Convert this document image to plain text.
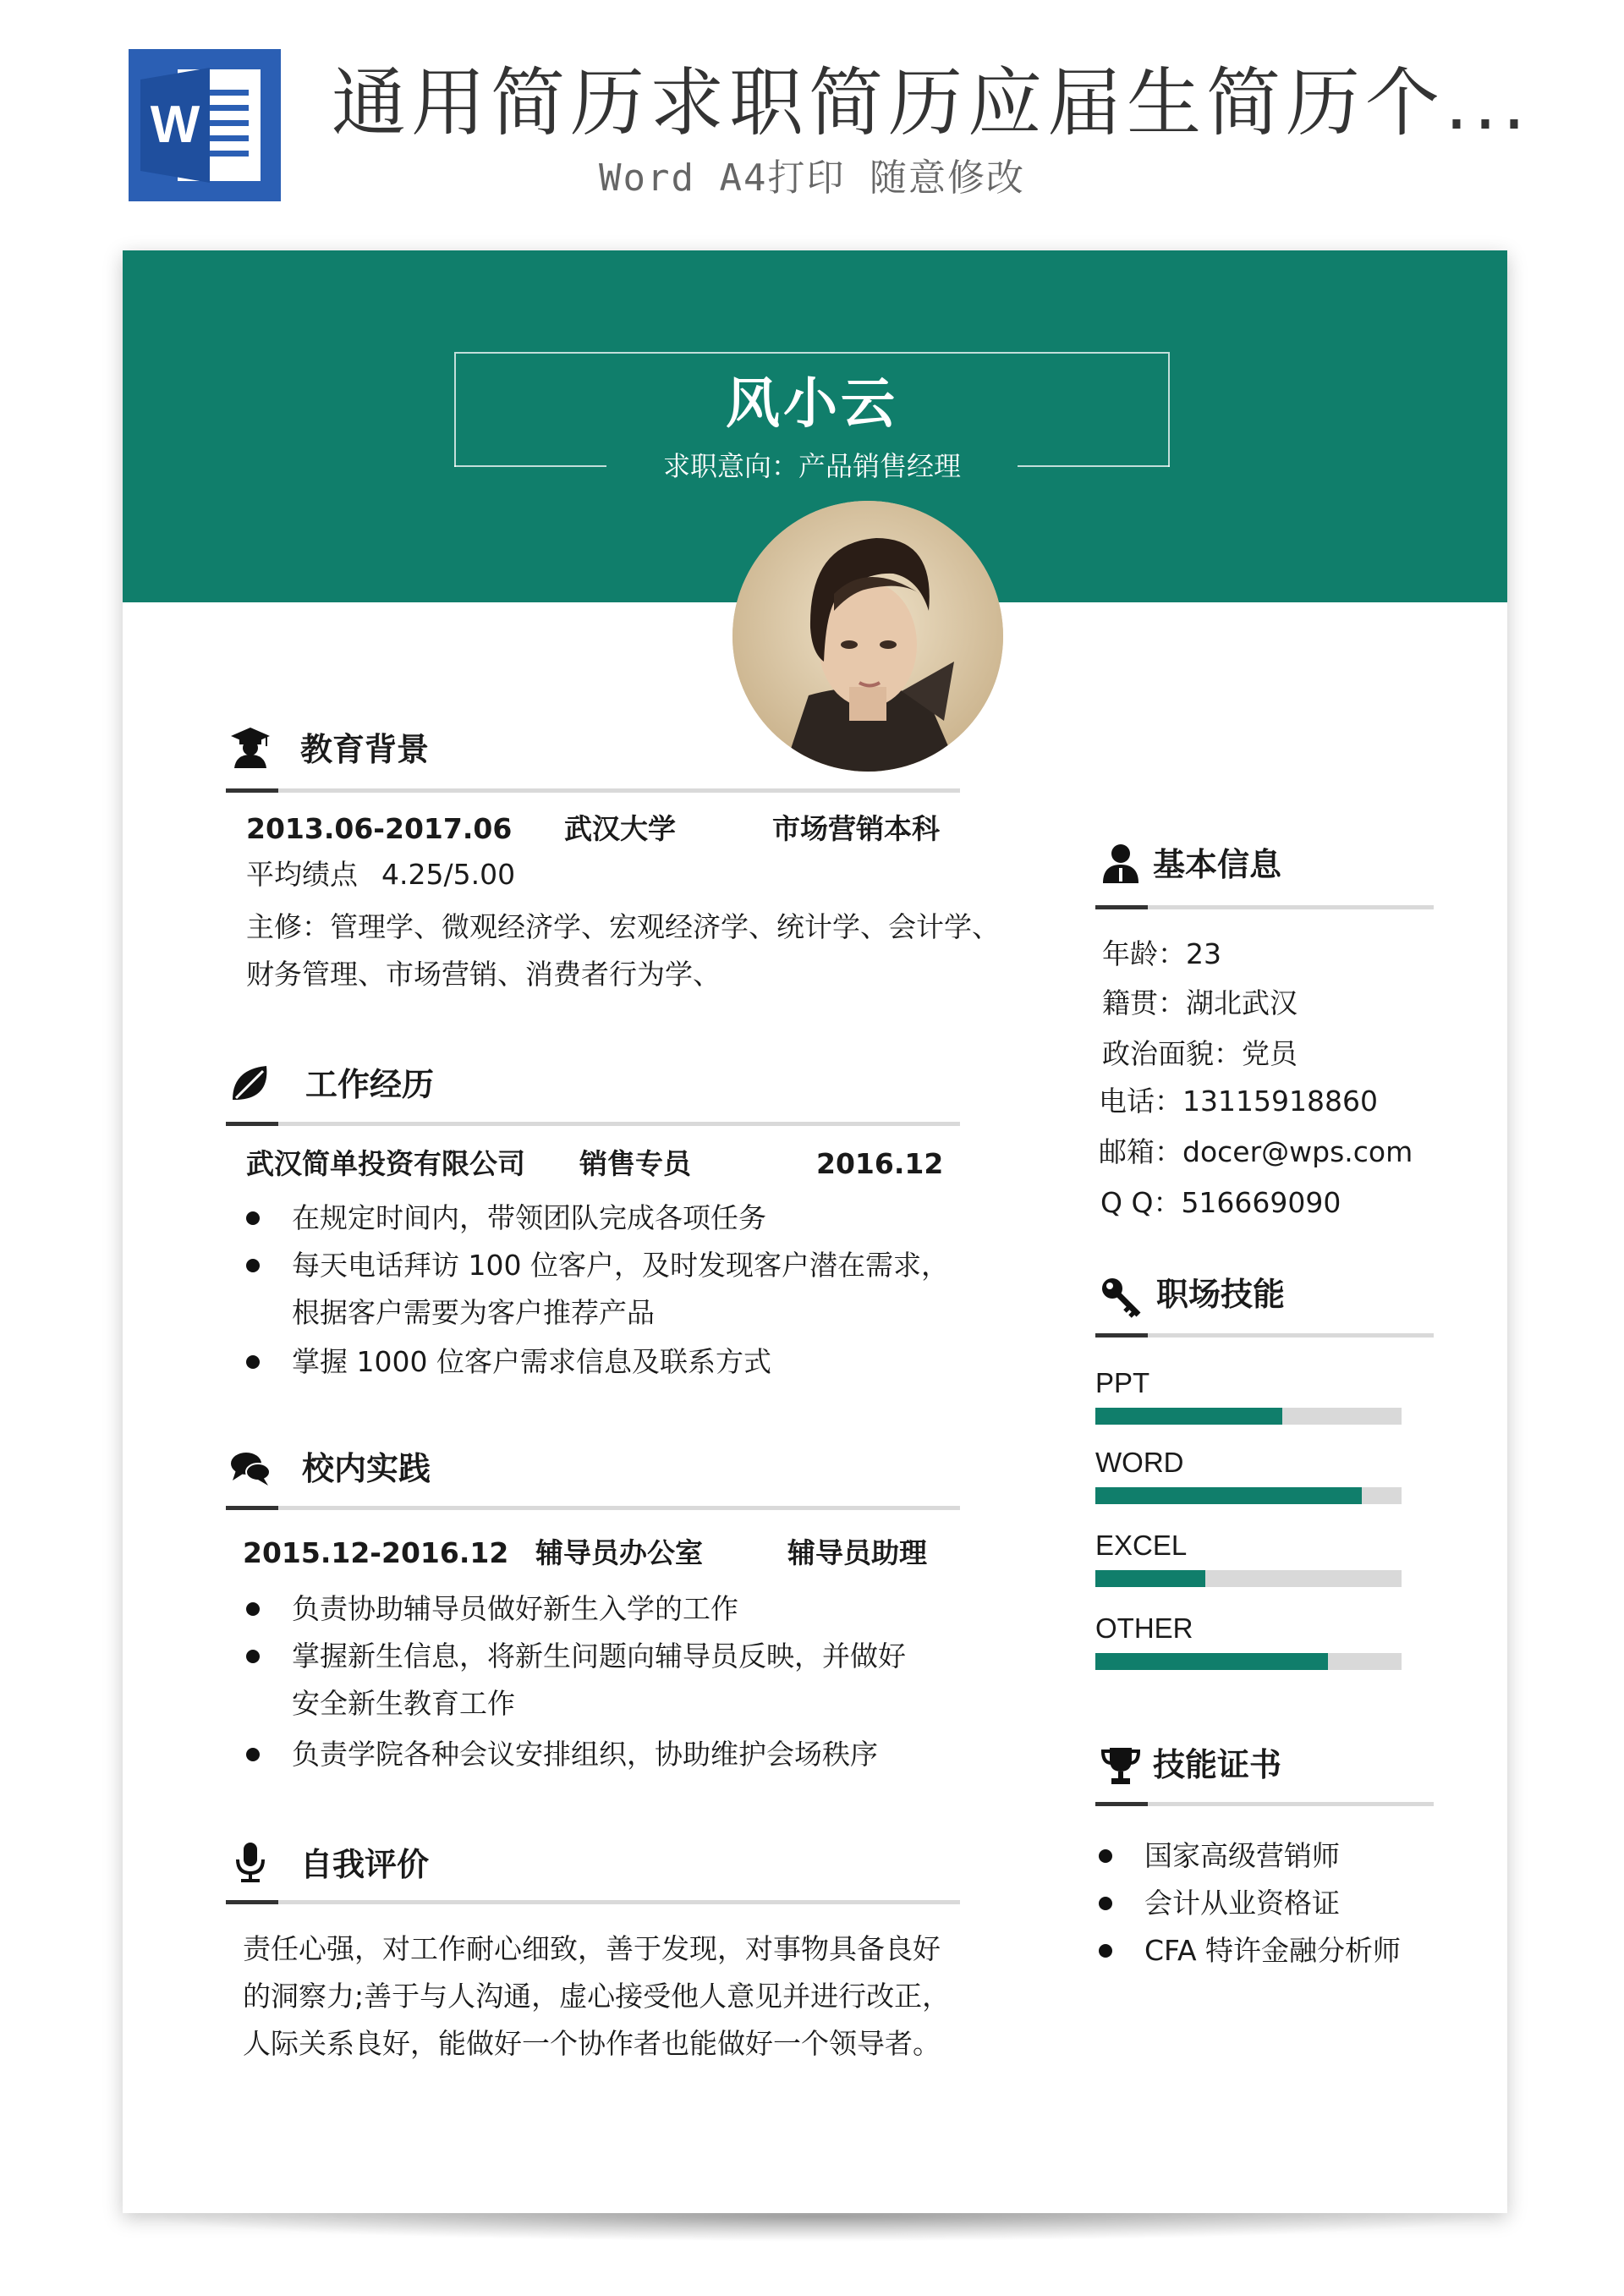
W 通用简历求职简历应届生简历个...
Word A4打印 随意修改
风小云
求职意向：产品销售经理
教育背景
2013.06-2017.06 武汉大学	市场营销本科
平均绩点 4.25/5.00
主修：管理学、微观经济学、宏观经济学、统计学、会计学、
财务管理、市场营销、消费者行为学、
工作经历
武汉简单投资有限公司 销售专员	2016.12
在规定时间内，带领团队完成各项任务
每天电话拜访 100 位客户，及时发现客户潜在需求，
根据客户需要为客户推荐产品
掌握 1000 位客户需求信息及联系方式
校内实践
2015.12-2016.12 辅导员办公室	辅导员助理
负责协助辅导员做好新生入学的工作
掌握新生信息，将新生问题向辅导员反映，并做好
安全新生教育工作
负责学院各种会议安排组织，协助维护会场秩序
自我评价
责任心强，对工作耐心细致，善于发现，对事物具备良好
的洞察力;善于与人沟通，虚心接受他人意见并进行改正，
人际关系良好，能做好一个协作者也能做好一个领导者。
基本信息
年龄：23
籍贯：湖北武汉
政治面貌：党员
电话：13115918860
邮箱：docer@wps.com
Q Q：516669090
职场技能
PPT
WORD
EXCEL
OTHER
技能证书
国家高级营销师
会计从业资格证
CFA 特许金融分析师
